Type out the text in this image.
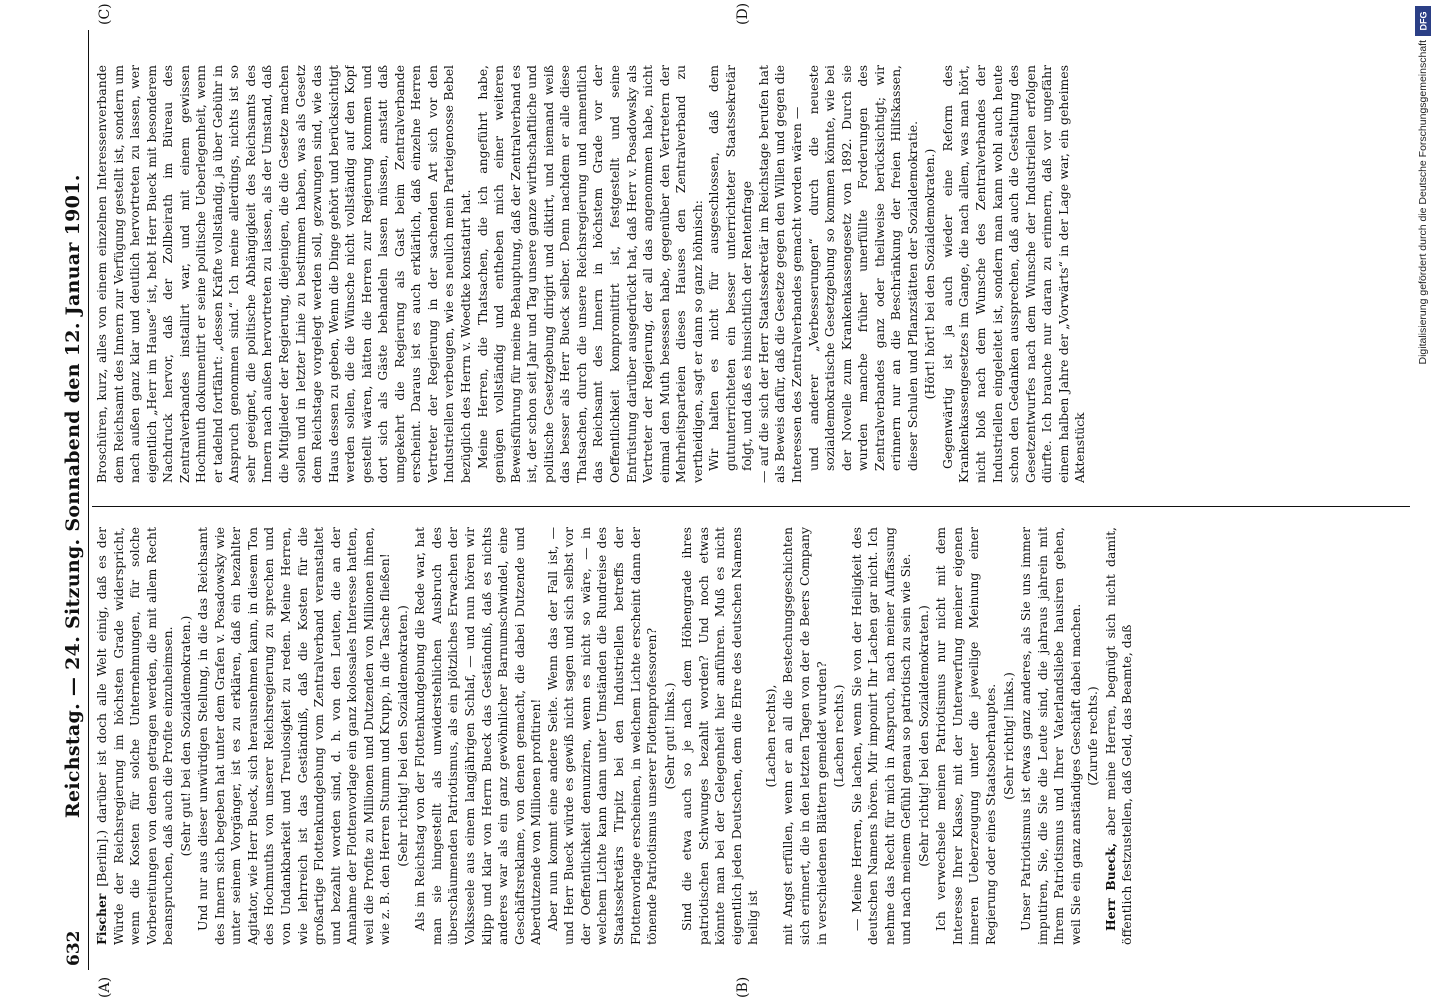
632
Reichstag. — 24. Sitzung. Sonnabend den 12. Januar 1901.
(A)	(B)
(C)	(D)

Fischer [Berlin].) darüber ist doch alle Welt einig, daß es der Würde der Reichsregierung im höchsten Grade widerspricht, wenn die Kosten für solche Unternehmungen, für solche Vorbereitungen von denen getragen werden, die mit allem Recht beanspruchen, daß auch die Profite einzuheimsen. (Sehr gut! bei den Sozialdemokraten.) Und nur aus dieser unwürdigen Stellung, in die das Reichsamt des Innern sich begeben hat unter dem Grafen v. Posadowsky wie unter seinem Vorgänger, ist es zu erklären, daß ein bezahlter Agitator, wie Herr Bueck, sich herausnehmen kann, in diesem Ton des Hochmuths von unserer Reichsregierung zu sprechen und von Undankbarkeit und Treulosigkeit zu reden. Meine Herren, wie lehrreich ist das Geständniß, daß die Kosten für die großartige Flottenkundgebung vom Zentralverband veranstaltet und bezahlt worden sind, d. h. von den Leuten, die an der Annahme der Flottenvorlage ein ganz kolossales Interesse hatten, weil die Profite zu Millionen und Dutzenden von Millionen ihnen, wie z. B. den Herren Stumm und Krupp, in die Tasche fließen! (Sehr richtig! bei den Sozialdemokraten.) Als im Reichstag von der Flottenkundgebung die Rede war, hat man sie hingestellt als unwiderstehlichen Ausbruch des überschäumenden Patriotismus, als ein plötzliches Erwachen der Volksseele aus einem langjährigen Schlaf, — und nun hören wir klipp und klar von Herrn Bueck das Geständniß, daß es nichts anderes war als ein ganz gewöhnlicher Barnumschwindel, eine Geschäftsreklame, von denen gemacht, die dabei Dutzende und Aberdutzende von Millionen profitiren! Aber nun kommt eine andere Seite. Wenn das der Fall ist, — und Herr Bueck würde es gewiß nicht sagen und sich selbst vor der Oeffentlichkeit denunziren, wenn es nicht so wäre, — in welchem Lichte kann dann unter Umständen die Rundreise des Staatssekretärs Tirpitz bei den Industriellen betreffs der Flottenvorlage erscheinen, in welchem Lichte erscheint dann der tönende Patriotismus unserer Flottenprofessoren? (Sehr gut! links.) Sind die etwa auch so je nach dem Höhengrade ihres patriotischen Schwunges bezahlt worden? Und noch etwas könnte man bei der Gelegenheit hier anführen. Muß es nicht eigentlich jeden Deutschen, dem die Ehre des deutschen Namens heilig ist

(Lachen rechts), mit Angst erfüllen, wenn er an all die Bestechungsgeschichten sich erinnert, die in den letzten Tagen von der de Beers Company in verschiedenen Blättern gemeldet wurden? (Lachen rechts.) — Meine Herren, Sie lachen, wenn Sie von der Heiligkeit des deutschen Namens hören. Mir imponirt Ihr Lachen gar nicht. Ich nehme das Recht für mich in Anspruch, nach meiner Auffassung und nach meinem Gefühl genau so patriotisch zu sein wie Sie. (Sehr richtig! bei den Sozialdemokraten.) Ich verwechsele meinen Patriotismus nur nicht mit dem Interesse Ihrer Klasse, mit der Unterwerfung meiner eigenen inneren Ueberzeugung unter die jeweilige Meinung einer Regierung oder eines Staatsoberhauptes. (Sehr richtig! links.) Unser Patriotismus ist etwas ganz anderes, als Sie uns immer imputiren, Sie, die Sie die Leute sind, die jahraus jahrein mit Ihrem Patriotismus und Ihrer Vaterlandsliebe hausiren gehen, weil Sie ein ganz anständiges Geschäft dabei machen. (Zurufe rechts.)

Herr Bueck, aber meine Herren, begnügt sich nicht damit, öffentlich festzustellen, daß Geld, das Beamte, daß

Broschüren, kurz, alles von einem einzelnen Interessenverbande dem Reichsamt des Innern zur Verfügung gestellt ist, sondern um nach außen ganz klar und deutlich hervortreten zu lassen, wer eigentlich „Herr im Hause“ ist, hebt Herr Bueck mit besonderem Nachdruck hervor, daß der Zollbeirath im Büreau des Zentralverbandes installirt war, und mit einem gewissen Hochmuth dokumentirt er seine politische Ueberlegenheit, wenn er tadelnd fortfährt: „dessen Kräfte vollständig, ja über Gebühr in Anspruch genommen sind.“ Ich meine allerdings, nichts ist so sehr geeignet, die politische Abhängigkeit des Reichsamts des Innern nach außen hervortreten zu lassen, als der Umstand, daß die Mitglieder der Regierung, diejenigen, die die Gesetze machen sollen und in letzter Linie zu bestimmen haben, was als Gesetz dem Reichstage vorgelegt werden soll, gezwungen sind, wie das Haus dessen zu geben, Wenn die Dinge gehört und berücksichtigt werden sollen, die die Wünsche nicht vollständig auf den Kopf gestellt wären, hätten die Herren zur Regierung kommen und dort sich als Gäste behandeln lassen müssen, anstatt daß umgekehrt die Regierung als Gast beim Zentralverbande erscheint. Daraus ist es auch erklärlich, daß einzelne Herren Vertreter der Regierung in der sachenden Art sich vor den Industriellen verbeugen, wie es neulich mein Parteigenosse Bebel bezüglich des Herrn v. Woedtke konstatirt hat. Meine Herren, die Thatsachen, die ich angeführt habe, genügen vollständig und entheben mich einer weiteren Beweisführung für meine Behauptung, daß der Zentralverband es ist, der schon seit Jahr und Tag unsere ganze wirthschaftliche und politische Gesetzgebung dirigirt und diktirt, und niemand weiß das besser als Herr Bueck selber. Denn nachdem er alle diese Thatsachen, durch die unsere Reichsregierung und namentlich das Reichsamt des Innern in höchstem Grade vor der Oeffentlichkeit kompromittirt ist, festgestellt und seine Entrüstung darüber ausgedrückt hat, daß Herr v. Posadowsky als Vertreter der Regierung, der all das angenommen habe, nicht einmal den Muth besessen habe, gegenüber den Vertretern der Mehrheitsparteien dieses Hauses den Zentralverband zu vertheidigen, sagt er dann so ganz höhnisch: Wir halten es nicht für ausgeschlossen, daß dem gutunterrichteten ein besser unterrichteter Staatssekretär folgt, und daß es hinsichtlich der Rentenfrage — auf die sich der Herr Staatssekretär im Reichstage berufen hat als Beweis dafür, daß die Gesetze gegen den Willen und gegen die Interessen des Zentralverbandes gemacht worden wären — und anderer „Verbesserungen“ durch die neueste sozialdemokratische Gesetzgebung so kommen könnte, wie bei der Novelle zum Krankenkassengesetz von 1892. Durch sie wurden manche früher unerfüllte Forderungen des Zentralverbandes ganz oder theilweise berücksichtigt; wir erinnern nur an die Beschränkung der freien Hilfskassen, dieser Schulen und Pflanzstätten der Sozialdemokratie. (Hört! hört! bei den Sozialdemokraten.) Gegenwärtig ist ja auch wieder eine Reform des Krankenkassengesetzes im Gange, die nach allem, was man hört, nicht bloß nach dem Wunsche des Zentralverbandes der Industriellen eingeleitet ist, sondern man kann wohl auch heute schon den Gedanken aussprechen, daß auch die Gestaltung des Gesetzentwurfes nach dem Wunsche der Industriellen erfolgen dürfte. Ich brauche nur daran zu erinnern, daß vor ungefähr einem halben Jahre der „Vorwärts“ in der Lage war, ein geheimes Aktenstück

Digitalisierung gefördert durch die Deutsche Forschungsgemeinschaft
DFG
